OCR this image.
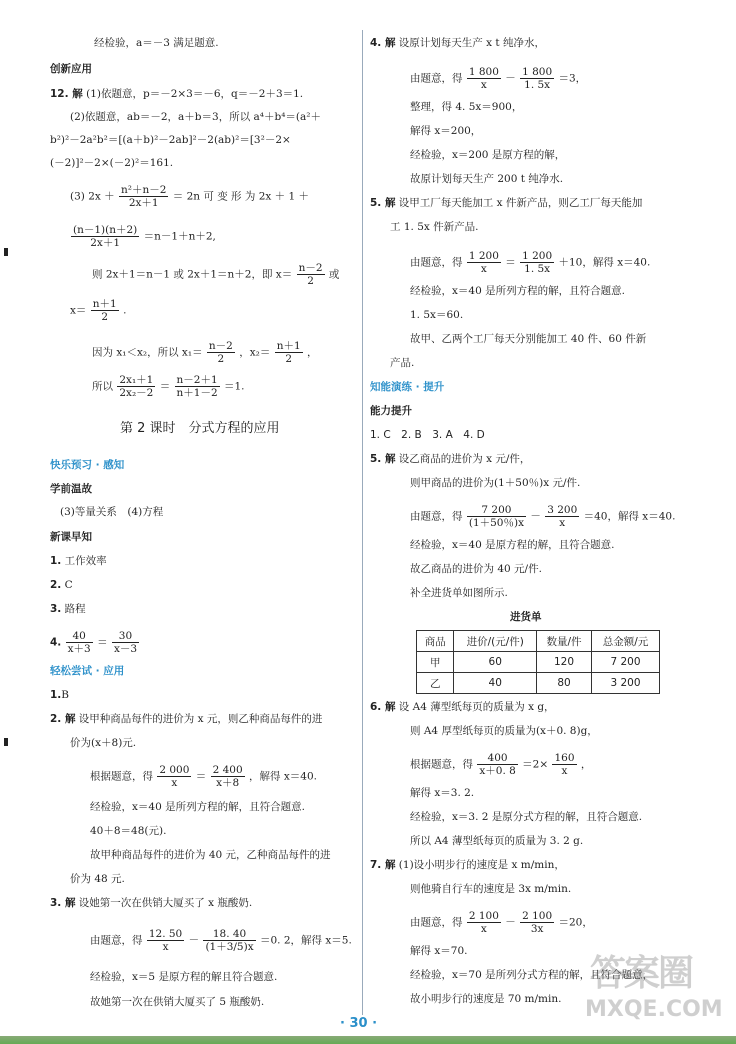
经检验，a＝－3 满足题意.
创新应用
12. 解 (1)依题意，p＝－2×3＝－6，q＝－2＋3＝1.
(2)依题意，ab＝－2，a＋b＝3，所以 a⁴＋b⁴＝(a²＋
b²)²－2a²b²＝[(a＋b)²－2ab]²－2(ab)²＝[3²－2×
(－2)]²－2×(－2)²＝161.
(3) $2x + \frac{\text{n²＋n－2}}{2x+1} = 2n$ 可 变 形 为 2x ＋ 1 ＋
$\frac{(n-1)(n+2)}{2x+1} =n-1+n+2$,
则 2x＋1＝n－1 或 2x＋1＝n＋2，即 $x= \frac{n-2}{2}$ 或
$x= \frac{n+1}{2}$ .
因为 x₁＜x₂，所以 $x_1= \frac{n-2}{2}$ ，$x_2= \frac{n+1}{2}$ ，
所以 $\frac{\text{2x₁＋1}}{\text{2x₂－2}} = \frac{n-2+1}{n+1-2} =1$.
第 2 课时　分式方程的应用
快乐预习 · 感知
学前温故
(3)等量关系　(4)方程
新课早知
1. 工作效率
2. C
3. 路程
4. $\frac{40}{x+3} = \frac{30}{x-3}$
轻松尝试 · 应用
1.B
2. 解 设甲种商品每件的进价为 x 元，则乙种商品每件的进
价为(x＋8)元.
根据题意，得 $\frac{2 000}{x} = \frac{2 400}{x+8}$ ，解得 x＝40.
经检验，x＝40 是所列方程的解，且符合题意.
40＋8＝48(元).
故甲种商品每件的进价为 40 元，乙种商品每件的进
价为 48 元.
3. 解 设她第一次在供销大厦买了 x 瓶酸奶.
由题意，得 $\frac{12. 50}{x} - \frac{18. 40}{(1+3/5)x} =0$. 2，解得 x＝5.
经检验，x＝5 是原方程的解且符合题意.
故她第一次在供销大厦买了 5 瓶酸奶.
4. 解 设原计划每天生产 x t 纯净水，
由题意，得 $\frac{1 800}{x} - \frac{1 800}{1. 5x} =3$，
整理，得 4. 5x＝900，
解得 x＝200，
经检验，x＝200 是原方程的解，
故原计划每天生产 200 t 纯净水.
5. 解 设甲工厂每天能加工 x 件新产品，则乙工厂每天能加
工 1. 5x 件新产品.
由题意，得 $\frac{1 200}{x} = \frac{1 200}{1. 5x} +10$，解得 x＝40.
经检验，x＝40 是所列方程的解，且符合题意.
1. 5x＝60.
故甲、乙两个工厂每天分别能加工 40 件、60 件新
产品.
知能演练 · 提升
能力提升
1. C　2. B　3. A　4. D
5. 解 设乙商品的进价为 x 元/件，
则甲商品的进价为(1＋50％)x 元/件.
由题意，得 $\frac{7 200}{(1+50\%)x} - \frac{3 200}{x} =40$，解得 x＝40.
经检验，x＝40 是原方程的解，且符合题意.
故乙商品的进价为 40 元/件.
补全进货单如图所示.
进货单
商品	进价/(元/件)	数量/件	总金额/元
甲	60	120	7 200
乙	40	80	3 200
6. 解 设 A4 薄型纸每页的质量为 x g，
则 A4 厚型纸每页的质量为(x＋0. 8)g，
根据题意，得 $\frac{400}{x+0. 8} =2\times \frac{160}{x}$ ，
解得 x＝3. 2.
经检验，x＝3. 2 是原分式方程的解，且符合题意.
所以 A4 薄型纸每页的质量为 3. 2 g.
7. 解 (1)设小明步行的速度是 x m/min，
则他骑自行车的速度是 3x m/min.
由题意，得 $\frac{2 100}{x} - \frac{2 100}{3x} =20$，
解得 x＝70.
经检验，x＝70 是所列分式方程的解，且符合题意，
故小明步行的速度是 70 m/min.
· 30 ·
答案圈
MXQE.COM
